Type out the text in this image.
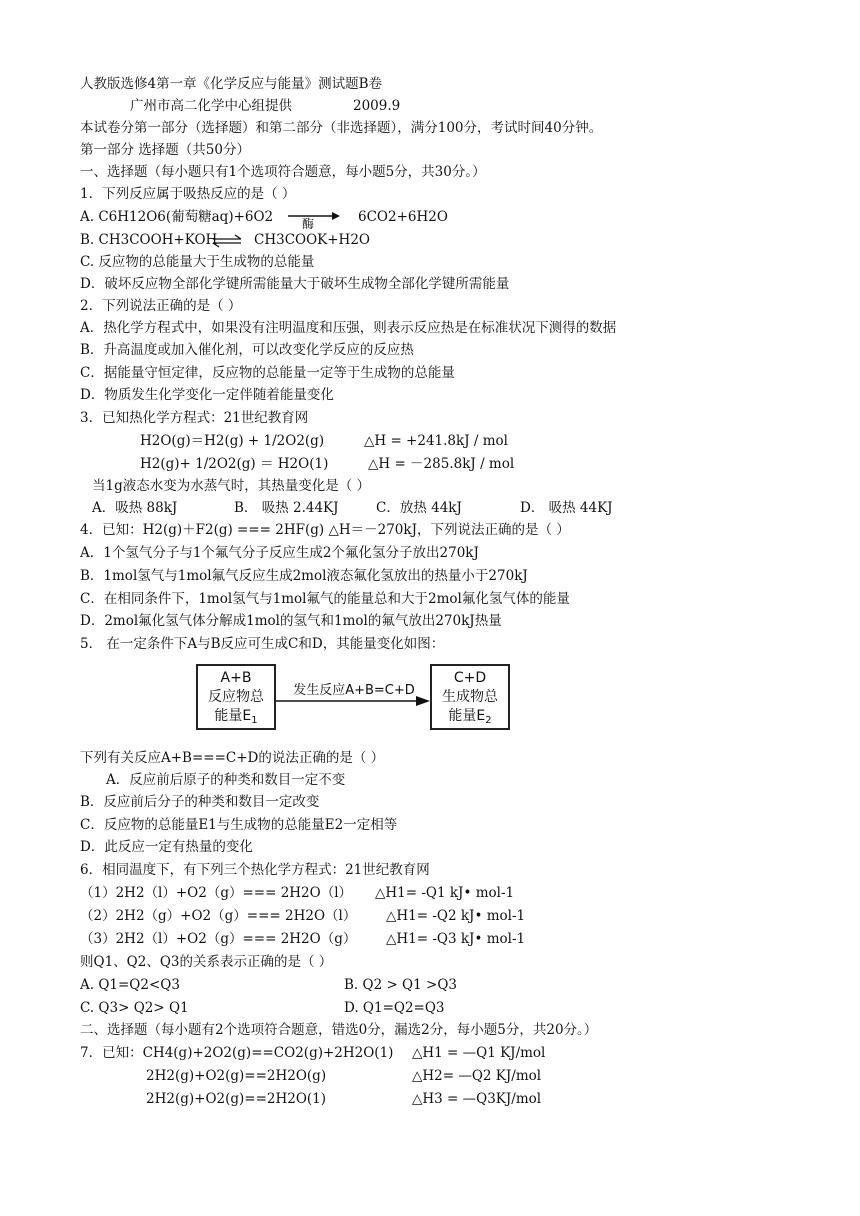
人教版选修4第一章《化学反应与能量》测试题B卷
广州市高二化学中心组提供	2009.9
本试卷分第一部分（选择题）和第二部分（非选择题），满分100分，考试时间40分钟。
第一部分 选择题（共50分）
一、选择题（每小题只有1个选项符合题意，每小题5分，共30分。）
1．下列反应属于吸热反应的是（ ）
A. C6H12O6(葡萄糖aq)+6O2 酶	6CO2+6H2O
B. CH3COOH+KOH ⇌ CH3COOK+H2O
C. 反应物的总能量大于生成物的总能量
D．破坏反应物全部化学键所需能量大于破坏生成物全部化学键所需能量
2．下列说法正确的是（ ）
A．热化学方程式中，如果没有注明温度和压强，则表示反应热是在标准状况下测得的数据
B．升高温度或加入催化剂，可以改变化学反应的反应热
C．据能量守恒定律，反应物的总能量一定等于生成物的总能量
D．物质发生化学变化一定伴随着能量变化
3．已知热化学方程式：21世纪教育网
H2O(g)＝H2(g) + 1/2O2(g)	△H = +241.8kJ / mol
H2(g)+ 1/2O2(g) ＝ H2O(1)	△H = －285.8kJ / mol
当1g液态水变为水蒸气时，其热量变化是（ ）
A．吸热 88kJ	B． 吸热 2.44KJ	C．放热 44kJ	D． 吸热 44KJ
4．已知：H2(g)＋F2(g) === 2HF(g) △H＝－270kJ，下列说法正确的是（ ）
A．1个氢气分子与1个氟气分子反应生成2个氟化氢分子放出270kJ
B．1mol氢气与1mol氟气反应生成2mol液态氟化氢放出的热量小于270kJ
C．在相同条件下，1mol氢气与1mol氟气的能量总和大于2mol氟化氢气体的能量
D．2mol氟化氢气体分解成1mol的氢气和1mol的氟气放出270kJ热量
5． 在一定条件下A与B反应可生成C和D，其能量变化如图：
A+B
反应物总
能量$E_1$
发生反应A+B=C+D
C+D
生成物总
能量$E_2$
下列有关反应A+B===C+D的说法正确的是（ ）
A．反应前后原子的种类和数目一定不变
B．反应前后分子的种类和数目一定改变
C．反应物的总能量E1与生成物的总能量E2一定相等
D．此反应一定有热量的变化
6．相同温度下，有下列三个热化学方程式：21世纪教育网
（1）2H2（l）+O2（g）=== 2H2O（l） △H1= -Q1 kJ• mol-1
（2）2H2（g）+O2（g）=== 2H2O（l） △H1= -Q2 kJ• mol-1
（3）2H2（l）+O2（g）=== 2H2O（g） △H1= -Q3 kJ• mol-1
则Q1、Q2、Q3的关系表示正确的是（ ）
A. Q1=Q2<Q3	B. Q2 > Q1 >Q3
C. Q3> Q2> Q1	D. Q1=Q2=Q3
二、选择题（每小题有2个选项符合题意，错选0分，漏选2分，每小题5分，共20分。）
7．已知：CH4(g)+2O2(g)==CO2(g)+2H2O(1) △H1 = —Q1 KJ/mol
2H2(g)+O2(g)==2H2O(g)	△H2= —Q2 KJ/mol
2H2(g)+O2(g)==2H2O(1)	△H3 = —Q3KJ/mol
